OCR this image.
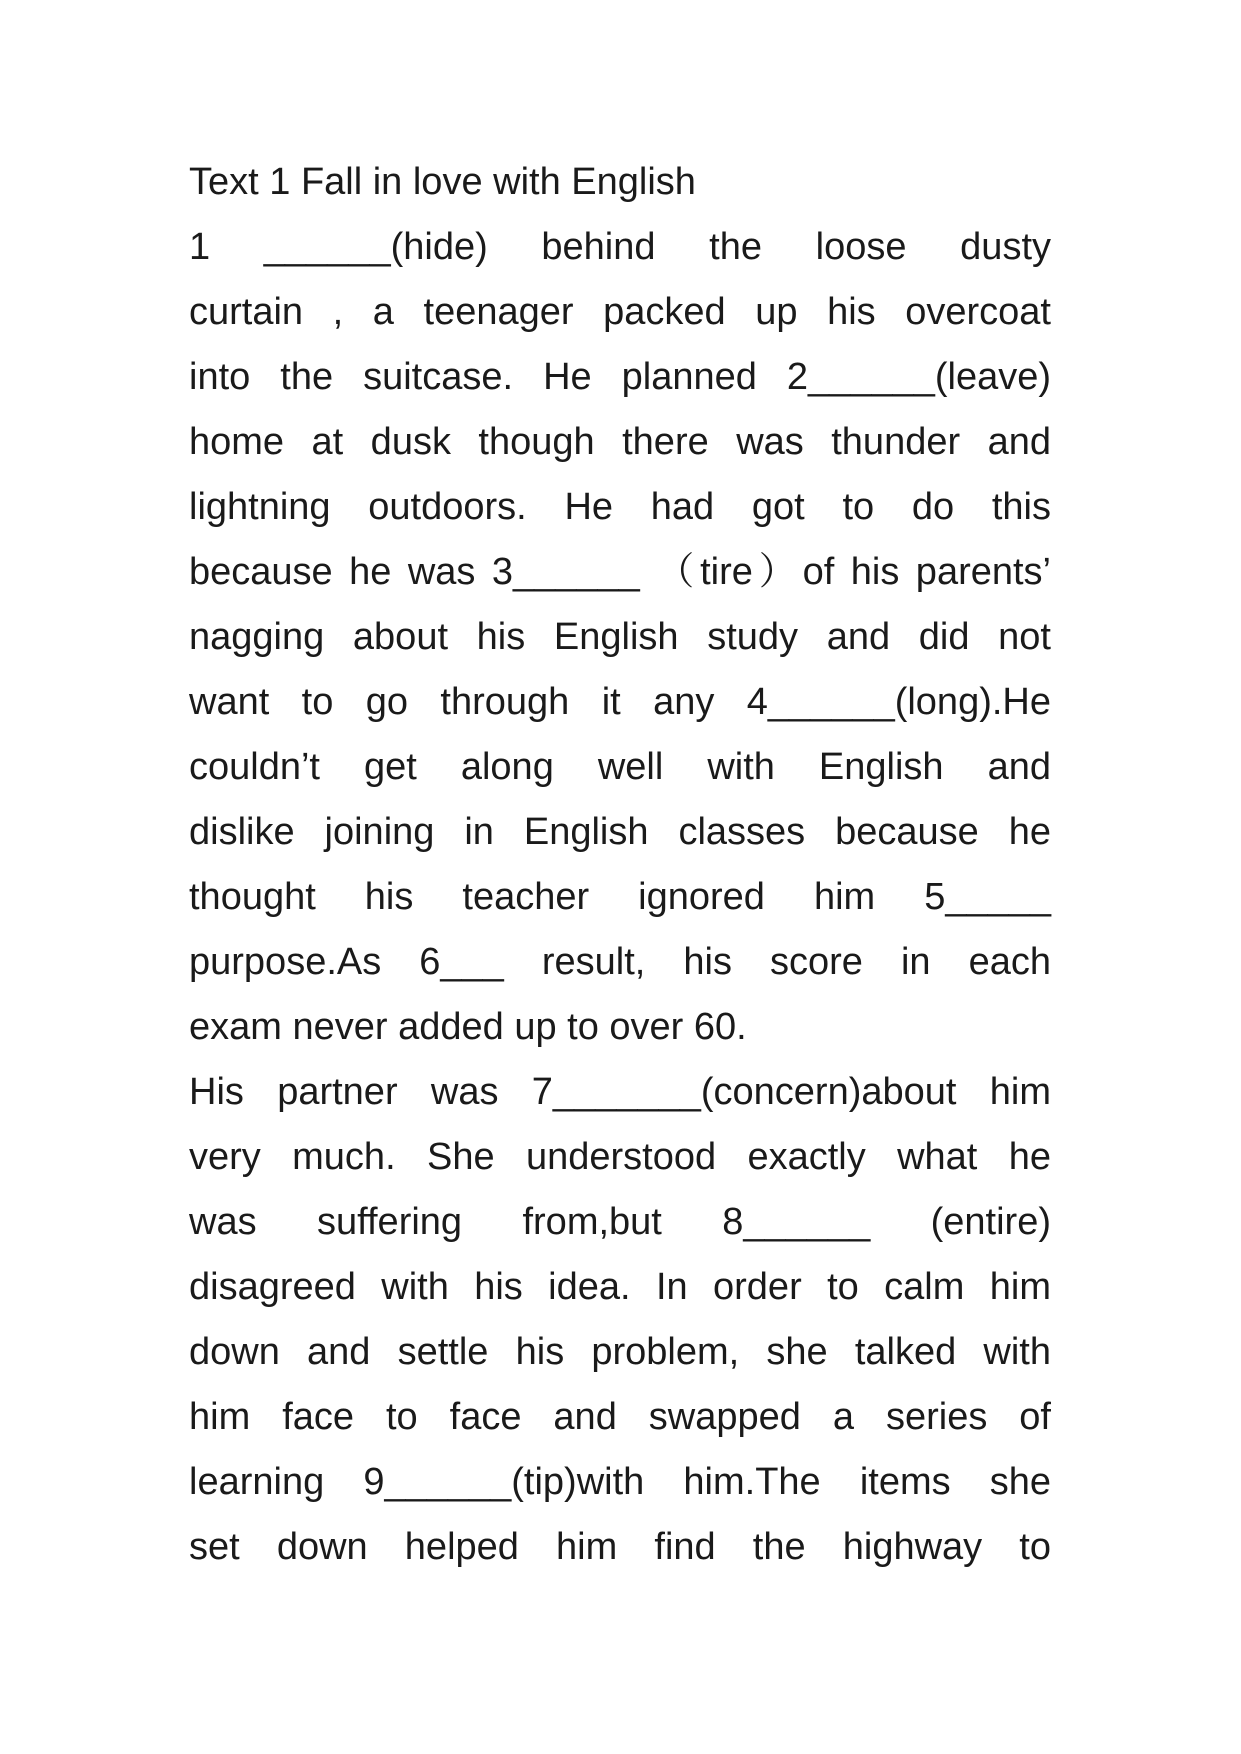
Text 1 Fall in love with English
1 ______(hide) behind the loose dusty
curtain , a teenager packed up his overcoat
into the suitcase. He planned 2______(leave)
home at dusk though there was thunder and
lightning outdoors. He had got to do this
because he was 3______ （tire）of his parents’
nagging about his English study and did not
want to go through it any 4______(long).He
couldn’t get along well with English and
dislike joining in English classes because he
thought his teacher ignored him 5_____
purpose.As 6___ result, his score in each
exam never added up to over 60.
His partner was 7_______(concern)about him
very much. She understood exactly what he
was suffering from,but 8______ (entire)
disagreed with his idea. In order to calm him
down and settle his problem, she talked with
him face to face and swapped a series of
learning 9______(tip)with him.The items she
set down helped him find the highway to
